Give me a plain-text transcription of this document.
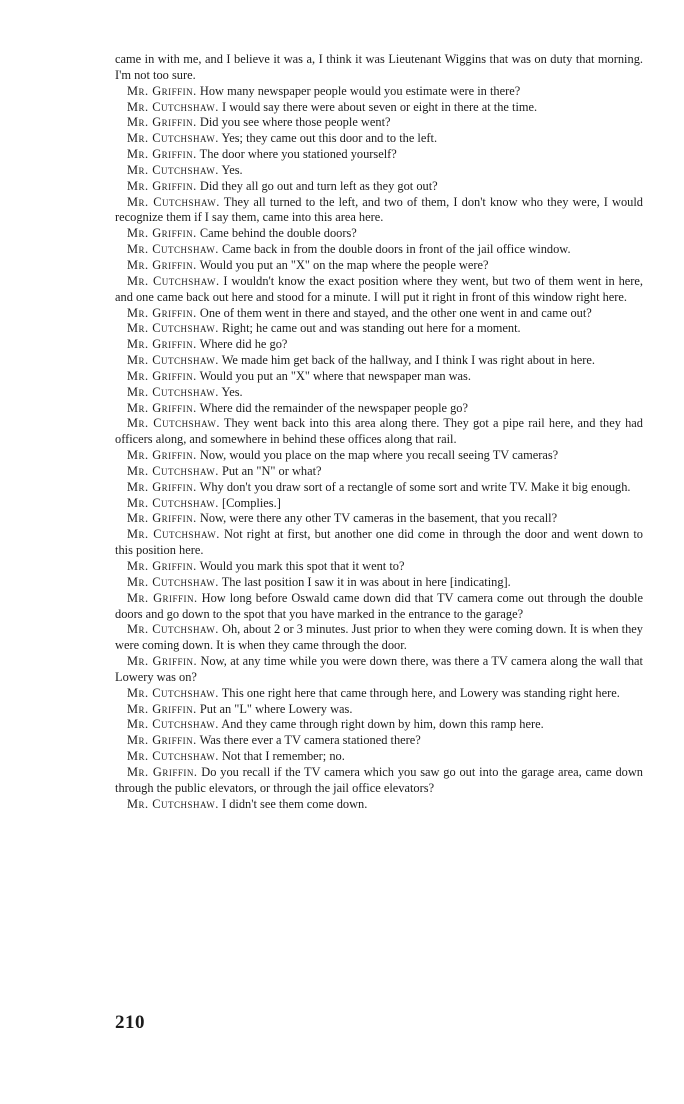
came in with me, and I believe it was a, I think it was Lieutenant Wiggins that was on duty that morning. I'm not too sure.

Mr. Griffin. How many newspaper people would you estimate were in there?

Mr. Cutchshaw. I would say there were about seven or eight in there at the time.

Mr. Griffin. Did you see where those people went?

Mr. Cutchshaw. Yes; they came out this door and to the left.

Mr. Griffin. The door where you stationed yourself?

Mr. Cutchshaw. Yes.

Mr. Griffin. Did they all go out and turn left as they got out?

Mr. Cutchshaw. They all turned to the left, and two of them, I don't know who they were, I would recognize them if I say them, came into this area here.

Mr. Griffin. Came behind the double doors?

Mr. Cutchshaw. Came back in from the double doors in front of the jail office window.

Mr. Griffin. Would you put an "X" on the map where the people were?

Mr. Cutchshaw. I wouldn't know the exact position where they went, but two of them went in here, and one came back out here and stood for a minute. I will put it right in front of this window right here.

Mr. Griffin. One of them went in there and stayed, and the other one went in and came out?

Mr. Cutchshaw. Right; he came out and was standing out here for a moment.

Mr. Griffin. Where did he go?

Mr. Cutchshaw. We made him get back of the hallway, and I think I was right about in here.

Mr. Griffin. Would you put an "X" where that newspaper man was.

Mr. Cutchshaw. Yes.

Mr. Griffin. Where did the remainder of the newspaper people go?

Mr. Cutchshaw. They went back into this area along there. They got a pipe rail here, and they had officers along, and somewhere in behind these offices along that rail.

Mr. Griffin. Now, would you place on the map where you recall seeing TV cameras?

Mr. Cutchshaw. Put an "N" or what?

Mr. Griffin. Why don't you draw sort of a rectangle of some sort and write TV. Make it big enough.

Mr. Cutchshaw. [Complies.]

Mr. Griffin. Now, were there any other TV cameras in the basement, that you recall?

Mr. Cutchshaw. Not right at first, but another one did come in through the door and went down to this position here.

Mr. Griffin. Would you mark this spot that it went to?

Mr. Cutchshaw. The last position I saw it in was about in here [indicating].

Mr. Griffin. How long before Oswald came down did that TV camera come out through the double doors and go down to the spot that you have marked in the entrance to the garage?

Mr. Cutchshaw. Oh, about 2 or 3 minutes. Just prior to when they were coming down. It is when they were coming down. It is when they came through the door.

Mr. Griffin. Now, at any time while you were down there, was there a TV camera along the wall that Lowery was on?

Mr. Cutchshaw. This one right here that came through here, and Lowery was standing right here.

Mr. Griffin. Put an "L" where Lowery was.

Mr. Cutchshaw. And they came through right down by him, down this ramp here.

Mr. Griffin. Was there ever a TV camera stationed there?

Mr. Cutchshaw. Not that I remember; no.

Mr. Griffin. Do you recall if the TV camera which you saw go out into the garage area, came down through the public elevators, or through the jail office elevators?

Mr. Cutchshaw. I didn't see them come down.

210
